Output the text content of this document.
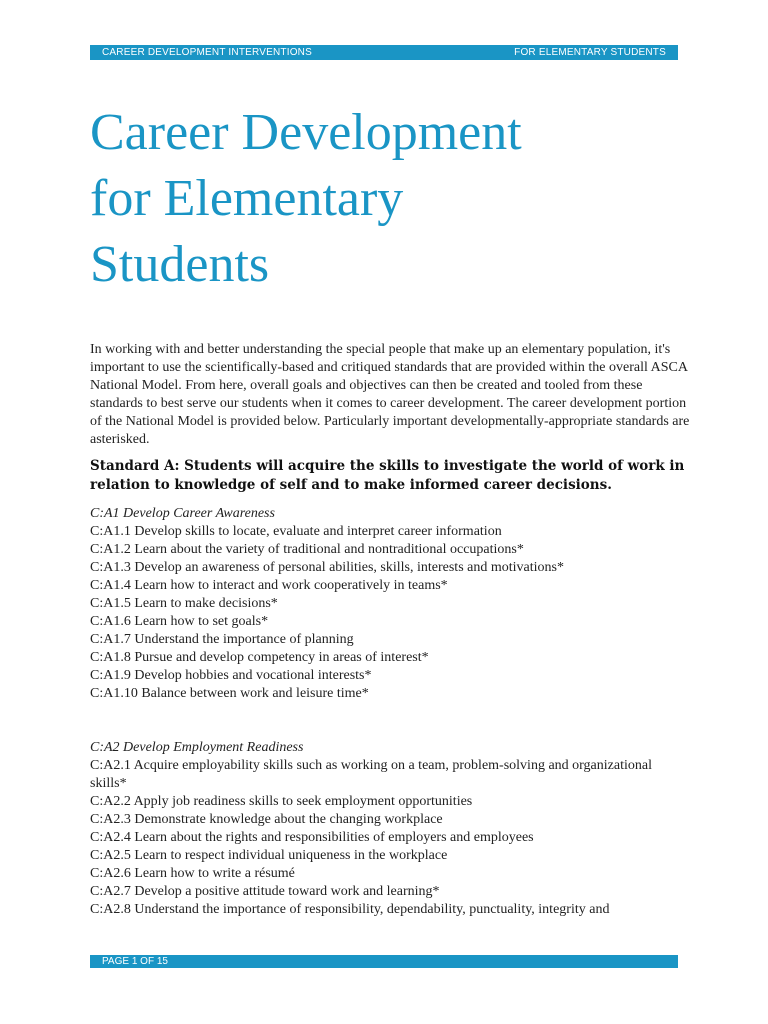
CAREER DEVELOPMENT INTERVENTIONS	FOR ELEMENTARY STUDENTS
Career Development
for Elementary
Students

In working with and better understanding the special people that make up an elementary population, it's important to use the scientifically-based and critiqued standards that are provided within the overall ASCA National Model. From here, overall goals and objectives can then be created and tooled from these standards to best serve our students when it comes to career development. The career development portion of the National Model is provided below. Particularly important developmentally-appropriate standards are asterisked.

Standard A: Students will acquire the skills to investigate the world of work in relation to knowledge of self and to make informed career decisions.

C:A1 Develop Career Awareness

C:A1.1 Develop skills to locate, evaluate and interpret career information
C:A1.2 Learn about the variety of traditional and nontraditional occupations*
C:A1.3 Develop an awareness of personal abilities, skills, interests and motivations*
C:A1.4 Learn how to interact and work cooperatively in teams*
C:A1.5 Learn to make decisions*
C:A1.6 Learn how to set goals*
C:A1.7 Understand the importance of planning
C:A1.8 Pursue and develop competency in areas of interest*
C:A1.9 Develop hobbies and vocational interests*
C:A1.10 Balance between work and leisure time*

C:A2 Develop Employment Readiness

C:A2.1 Acquire employability skills such as working on a team, problem-solving and organizational skills*
C:A2.2 Apply job readiness skills to seek employment opportunities
C:A2.3 Demonstrate knowledge about the changing workplace
C:A2.4 Learn about the rights and responsibilities of employers and employees
C:A2.5 Learn to respect individual uniqueness in the workplace
C:A2.6 Learn how to write a résumé
C:A2.7 Develop a positive attitude toward work and learning*
C:A2.8 Understand the importance of responsibility, dependability, punctuality, integrity and
PAGE 1 OF 15
